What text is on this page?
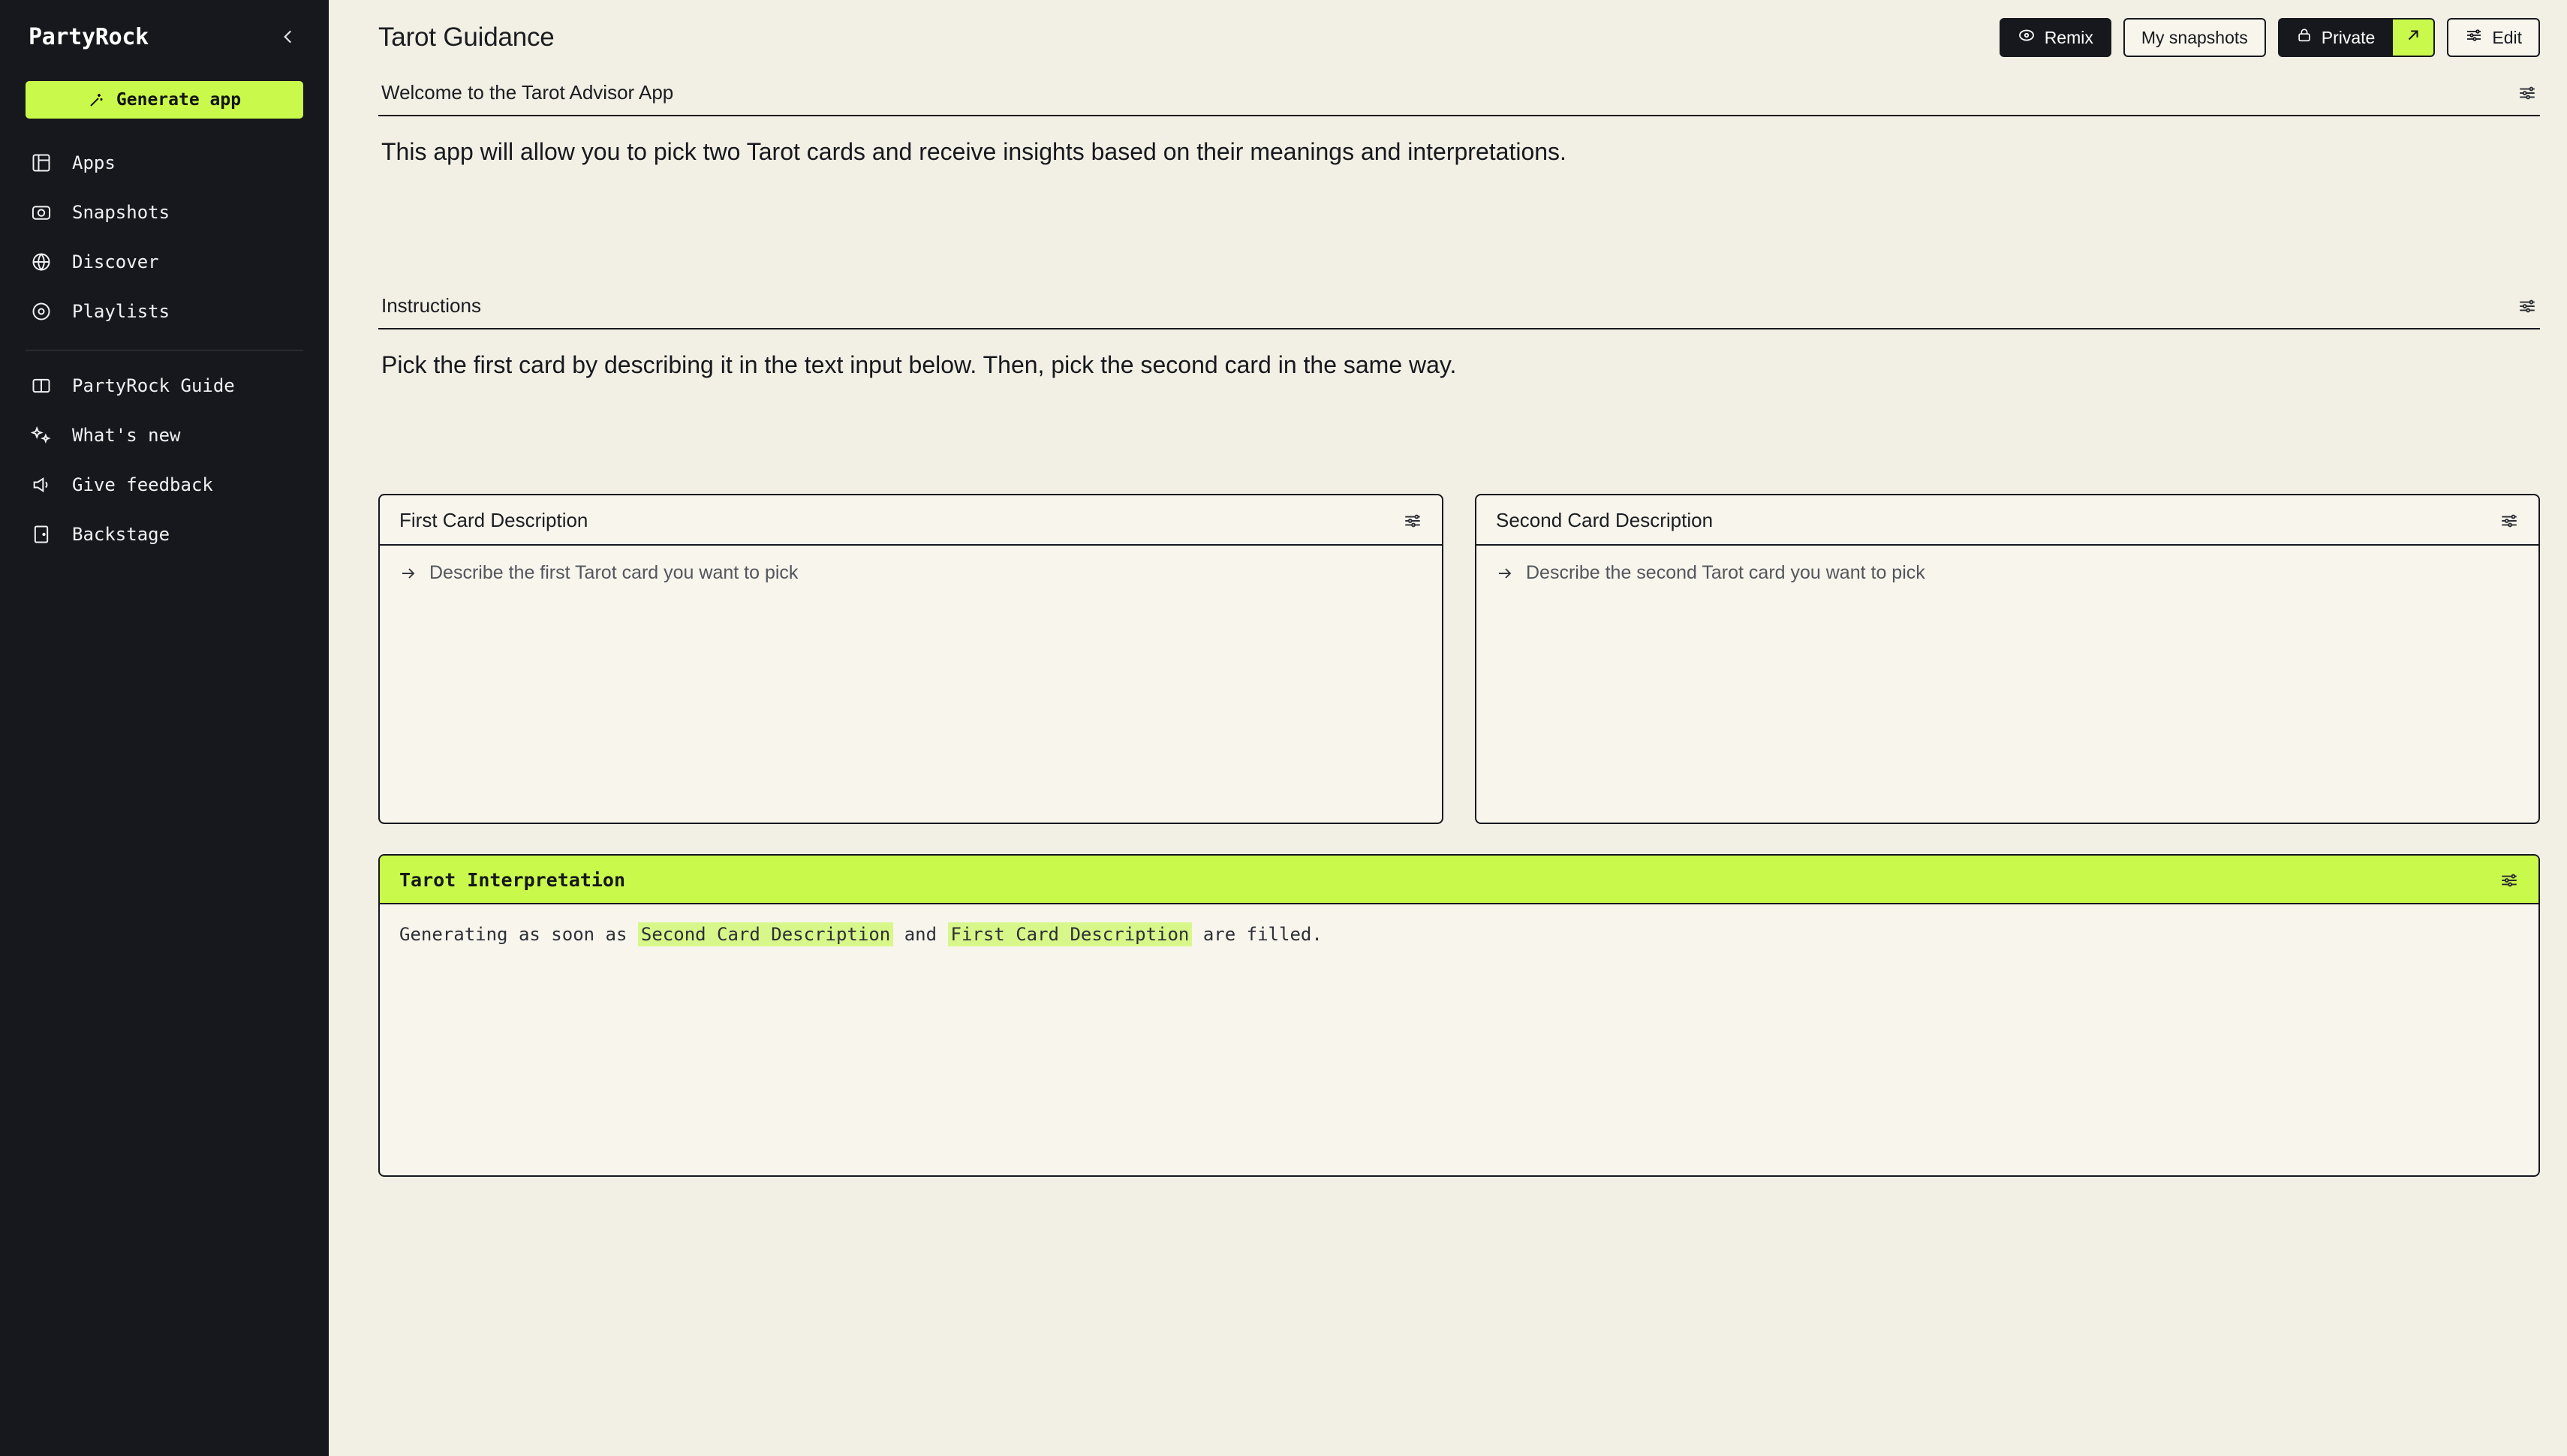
PartyRock
Generate app
Apps
Snapshots
Discover
Playlists
PartyRock Guide
What's new
Give feedback
Backstage
Tarot Guidance	Remix	My snapshots	Private	Edit
Welcome to the Tarot Advisor App
This app will allow you to pick two Tarot cards and receive insights based on their meanings and interpretations.
Instructions
Pick the first card by describing it in the text input below. Then, pick the second card in the same way.
First Card Description
Describe the first Tarot card you want to pick
Second Card Description
Describe the second Tarot card you want to pick
Tarot Interpretation
Generating as soon as Second Card Description and First Card Description are filled.
